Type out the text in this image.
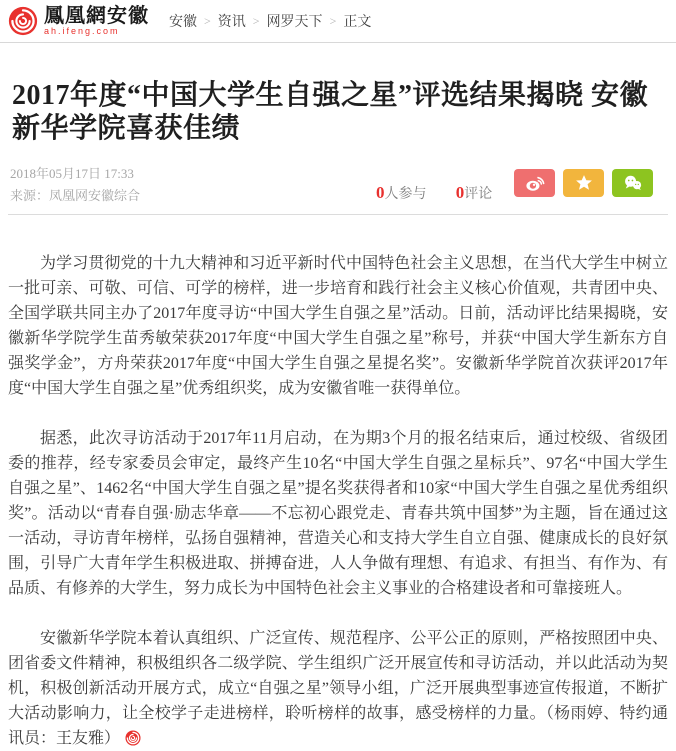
鳳凰網安徽
ah.ifeng.com
安徽 > 资讯 > 网罗天下 > 正文
2017年度“中国大学生自强之星”评选结果揭晓 安徽新华学院喜获佳绩
2018年05月17日 17:33
来源：凤凰网安徽综合	0人参与 0评论

为学习贯彻党的十九大精神和习近平新时代中国特色社会主义思想，在当代大学生中树立一批可亲、可敬、可信、可学的榜样，进一步培育和践行社会主义核心价值观，共青团中央、全国学联共同主办了2017年度寻访“中国大学生自强之星”活动。日前，活动评比结果揭晓，安徽新华学院学生苗秀敏荣获2017年度“中国大学生自强之星”称号，并获“中国大学生新东方自强奖学金”，方舟荣获2017年度“中国大学生自强之星提名奖”。安徽新华学院首次获评2017年度“中国大学生自强之星”优秀组织奖，成为安徽省唯一获得单位。

据悉，此次寻访活动于2017年11月启动，在为期3个月的报名结束后，通过校级、省级团委的推荐，经专家委员会审定，最终产生10名“中国大学生自强之星标兵”、97名“中国大学生自强之星”、1462名“中国大学生自强之星”提名奖获得者和10家“中国大学生自强之星优秀组织奖”。活动以“青春自强·励志华章——不忘初心跟党走、青春共筑中国梦”为主题，旨在通过这一活动，寻访青年榜样，弘扬自强精神，营造关心和支持大学生自立自强、健康成长的良好氛围，引导广大青年学生积极进取、拼搏奋进，人人争做有理想、有追求、有担当、有作为、有品质、有修养的大学生，努力成长为中国特色社会主义事业的合格建设者和可靠接班人。

安徽新华学院本着认真组织、广泛宣传、规范程序、公平公正的原则，严格按照团中央、团省委文件精神，积极组织各二级学院、学生组织广泛开展宣传和寻访活动，并以此活动为契机，积极创新活动开展方式，成立“自强之星”领导小组，广泛开展典型事迹宣传报道，不断扩大活动影响力，让全校学子走进榜样，聆听榜样的故事，感受榜样的力量。（杨雨婷、特约通讯员：王友雅）
